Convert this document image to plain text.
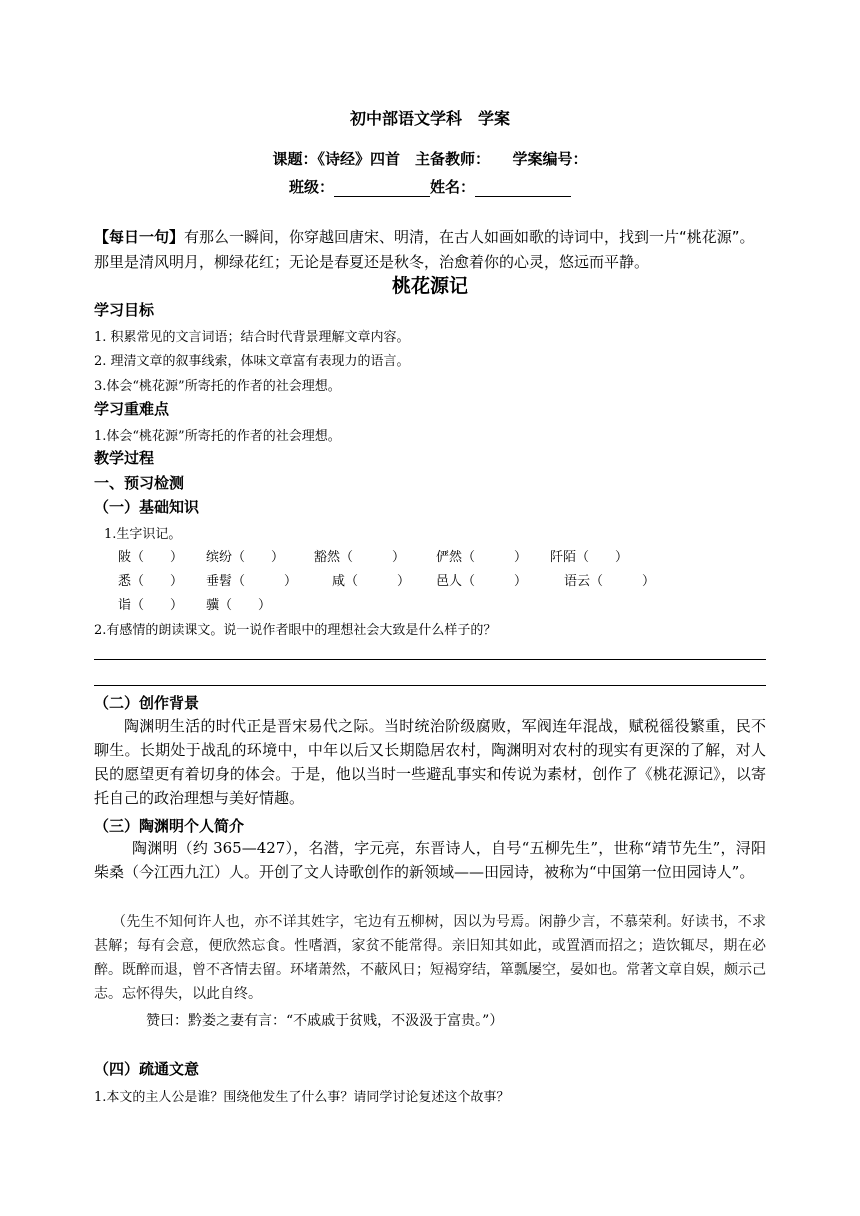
初中部语文学科　学案
课题：《诗经》四首　主备教师：　　学案编号：
班级：	姓名：
【每日一句】有那么一瞬间，你穿越回唐宋、明清，在古人如画如歌的诗词中，找到一片“桃花源”。
那里是清风明月，柳绿花红；无论是春夏还是秋冬，治愈着你的心灵，悠远而平静。
桃花源记
学习目标
1. 积累常见的文言词语；结合时代背景理解文章内容。
2. 理清文章的叙事线索，体味文章富有表现力的语言。
3.体会“桃花源”所寄托的作者的社会理想。
学习重难点
1.体会“桃花源”所寄托的作者的社会理想。
教学过程
一、预习检测
（一）基础知识
1.生字识记。
陂（　　） 缤纷（　　） 豁然（　　　） 俨然（　　　） 阡陌（　　）
悉（　　） 垂髫（　　　）	咸（　　　） 邑人（　　　）	语云（　　　）
诣（　　） 骥（　　）
2.有感情的朗读课文。说一说作者眼中的理想社会大致是什么样子的？
（二）创作背景
陶渊明生活的时代正是晋宋易代之际。当时统治阶级腐败，军阀连年混战，赋税徭役繁重，民不聊生。长期处于战乱的环境中，中年以后又长期隐居农村，陶渊明对农村的现实有更深的了解，对人民的愿望更有着切身的体会。于是，他以当时一些避乱事实和传说为素材，创作了《桃花源记》，以寄托自己的政治理想与美好情趣。
（三）陶渊明个人简介
陶渊明（约 365—427），名潜，字元亮，东晋诗人，自号“五柳先生”，世称“靖节先生”，浔阳柴桑（今江西九江）人。开创了文人诗歌创作的新领域——田园诗，被称为“中国第一位田园诗人”。
（先生不知何许人也，亦不详其姓字，宅边有五柳树，因以为号焉。闲静少言，不慕荣利。好读书，不求甚解；每有会意，便欣然忘食。性嗜酒，家贫不能常得。亲旧知其如此，或置酒而招之；造饮辄尽，期在必醉。既醉而退，曾不吝情去留。环堵萧然，不蔽风日；短褐穿结，箪瓢屡空，晏如也。常著文章自娱，颇示己志。忘怀得失，以此自终。
赞曰：黔娄之妻有言：“不戚戚于贫贱，不汲汲于富贵。”）
（四）疏通文意
1.本文的主人公是谁？围绕他发生了什么事？请同学讨论复述这个故事？
